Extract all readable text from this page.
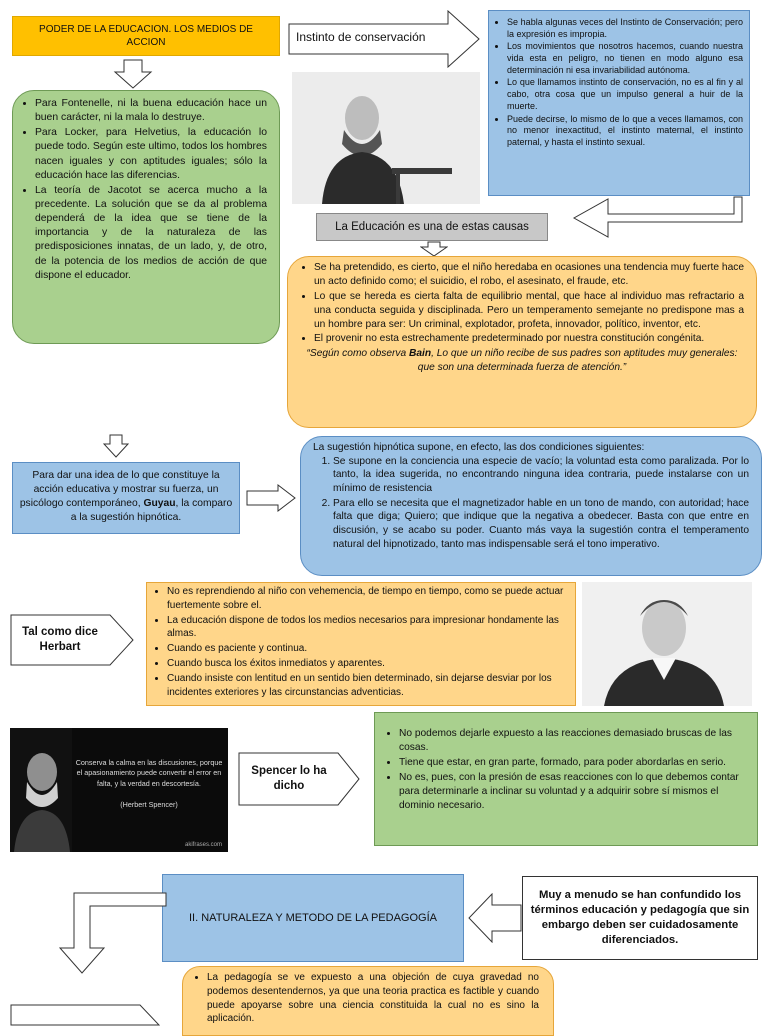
PODER DE LA EDUCACION. LOS MEDIOS DE ACCION	Instinto de conservación
• Se habla algunas veces del Instinto de Conservación; pero la expresión es impropia.
• Los movimientos que nosotros hacemos, cuando nuestra vida esta en peligro, no tienen en modo alguno esa determinación ni esa invariabilidad autónoma.
• Lo que llamamos instinto de conservación, no es al fin y al cabo, otra cosa que un impulso general a huir de la muerte.
• Puede decirse, lo mismo de lo que a veces llamamos, con no menor inexactitud, el instinto maternal, el instinto paternal, y hasta el instinto sexual.
• Para Fontenelle, ni la buena educación hace un buen carácter, ni la mala lo destruye.
• Para Locker, para Helvetius, la educación lo puede todo. Según este ultimo, todos los hombres nacen iguales y con aptitudes iguales; sólo la educación hace las diferencias.
• La teoría de Jacotot se acerca mucho a la precedente. La solución que se da al problema dependerá de la idea que se tiene de la importancia y de la naturaleza de las predisposiciones innatas, de un lado, y, de otro, de la potencia de los medios de acción de que dispone el educador.
La Educación es una de estas causas
• Se ha pretendido, es cierto, que el niño heredaba en ocasiones una tendencia muy fuerte hace un acto definido como; el suicidio, el robo, el asesinato, el fraude, etc.
• Lo que se hereda es cierta falta de equilibrio mental, que hace al individuo mas refractario a una conducta seguida y disciplinada. Pero un temperamento semejante no predispone mas a un hombre para ser: Un criminal, explotador, profeta, innovador, político, inventor, etc.
• El provenir no esta estrechamente predeterminado por nuestra constitución congénita.
“Según como observa Bain, Lo que un niño recibe de sus padres son aptitudes muy generales: que son una determinada fuerza de atención.”
Para dar una idea de lo que constituye la acción educativa y mostrar su fuerza, un psicólogo contemporáneo, Guyau, la comparo a la sugestión hipnótica.
La sugestión hipnótica supone, en efecto, las dos condiciones siguientes:
1. Se supone en la conciencia una especie de vacío; la voluntad esta como paralizada. Por lo tanto, la idea sugerida, no encontrando ninguna idea contraria, puede instalarse con un mínimo de resistencia
2. Para ello se necesita que el magnetizador hable en un tono de mando, con autoridad; hace falta que diga; Quiero; que indique que la negativa a obedecer. Basta con que entre en discusión, y se acabo su poder. Cuanto más vaya la sugestión contra el temperamento natural del hipnotizado, tanto mas indispensable será el tono imperativo.
Tal como dice Herbart
• No es reprendiendo al niño con vehemencia, de tiempo en tiempo, como se puede actuar fuertemente sobre el.
• La educación dispone de todos los medios necesarios para impresionar hondamente las almas.
• Cuando es paciente y continua.
• Cuando busca los éxitos inmediatos y aparentes.
• Cuando insiste con lentitud en un sentido bien determinado, sin dejarse desviar por los incidentes exteriores y las circunstancias adventicias.
Conserva la calma en las discusiones, porque el apasionamiento puede convertir el error en falta, y la verdad en descortesía.
(Herbert Spencer)
akifrases.com
Spencer lo ha dicho
• No podemos dejarle expuesto a las reacciones demasiado bruscas de las cosas.
• Tiene que estar, en gran parte, formado, para poder abordarlas en serio.
• No es, pues, con la presión de esas reacciones con lo que debemos contar para determinarle a inclinar su voluntad y a adquirir sobre sí mismos el dominio necesario.
II. NATURALEZA Y METODO DE LA PEDAGOGÍA
Muy a menudo se han confundido los términos educación y pedagogía que sin embargo deben ser cuidadosamente diferenciados.
• La pedagogía se ve expuesto a una objeción de cuya gravedad no podemos desentendernos, ya que una teoria practica es factible y cuando puede apoyarse sobre una ciencia constituida la cual no es sino la aplicación.
